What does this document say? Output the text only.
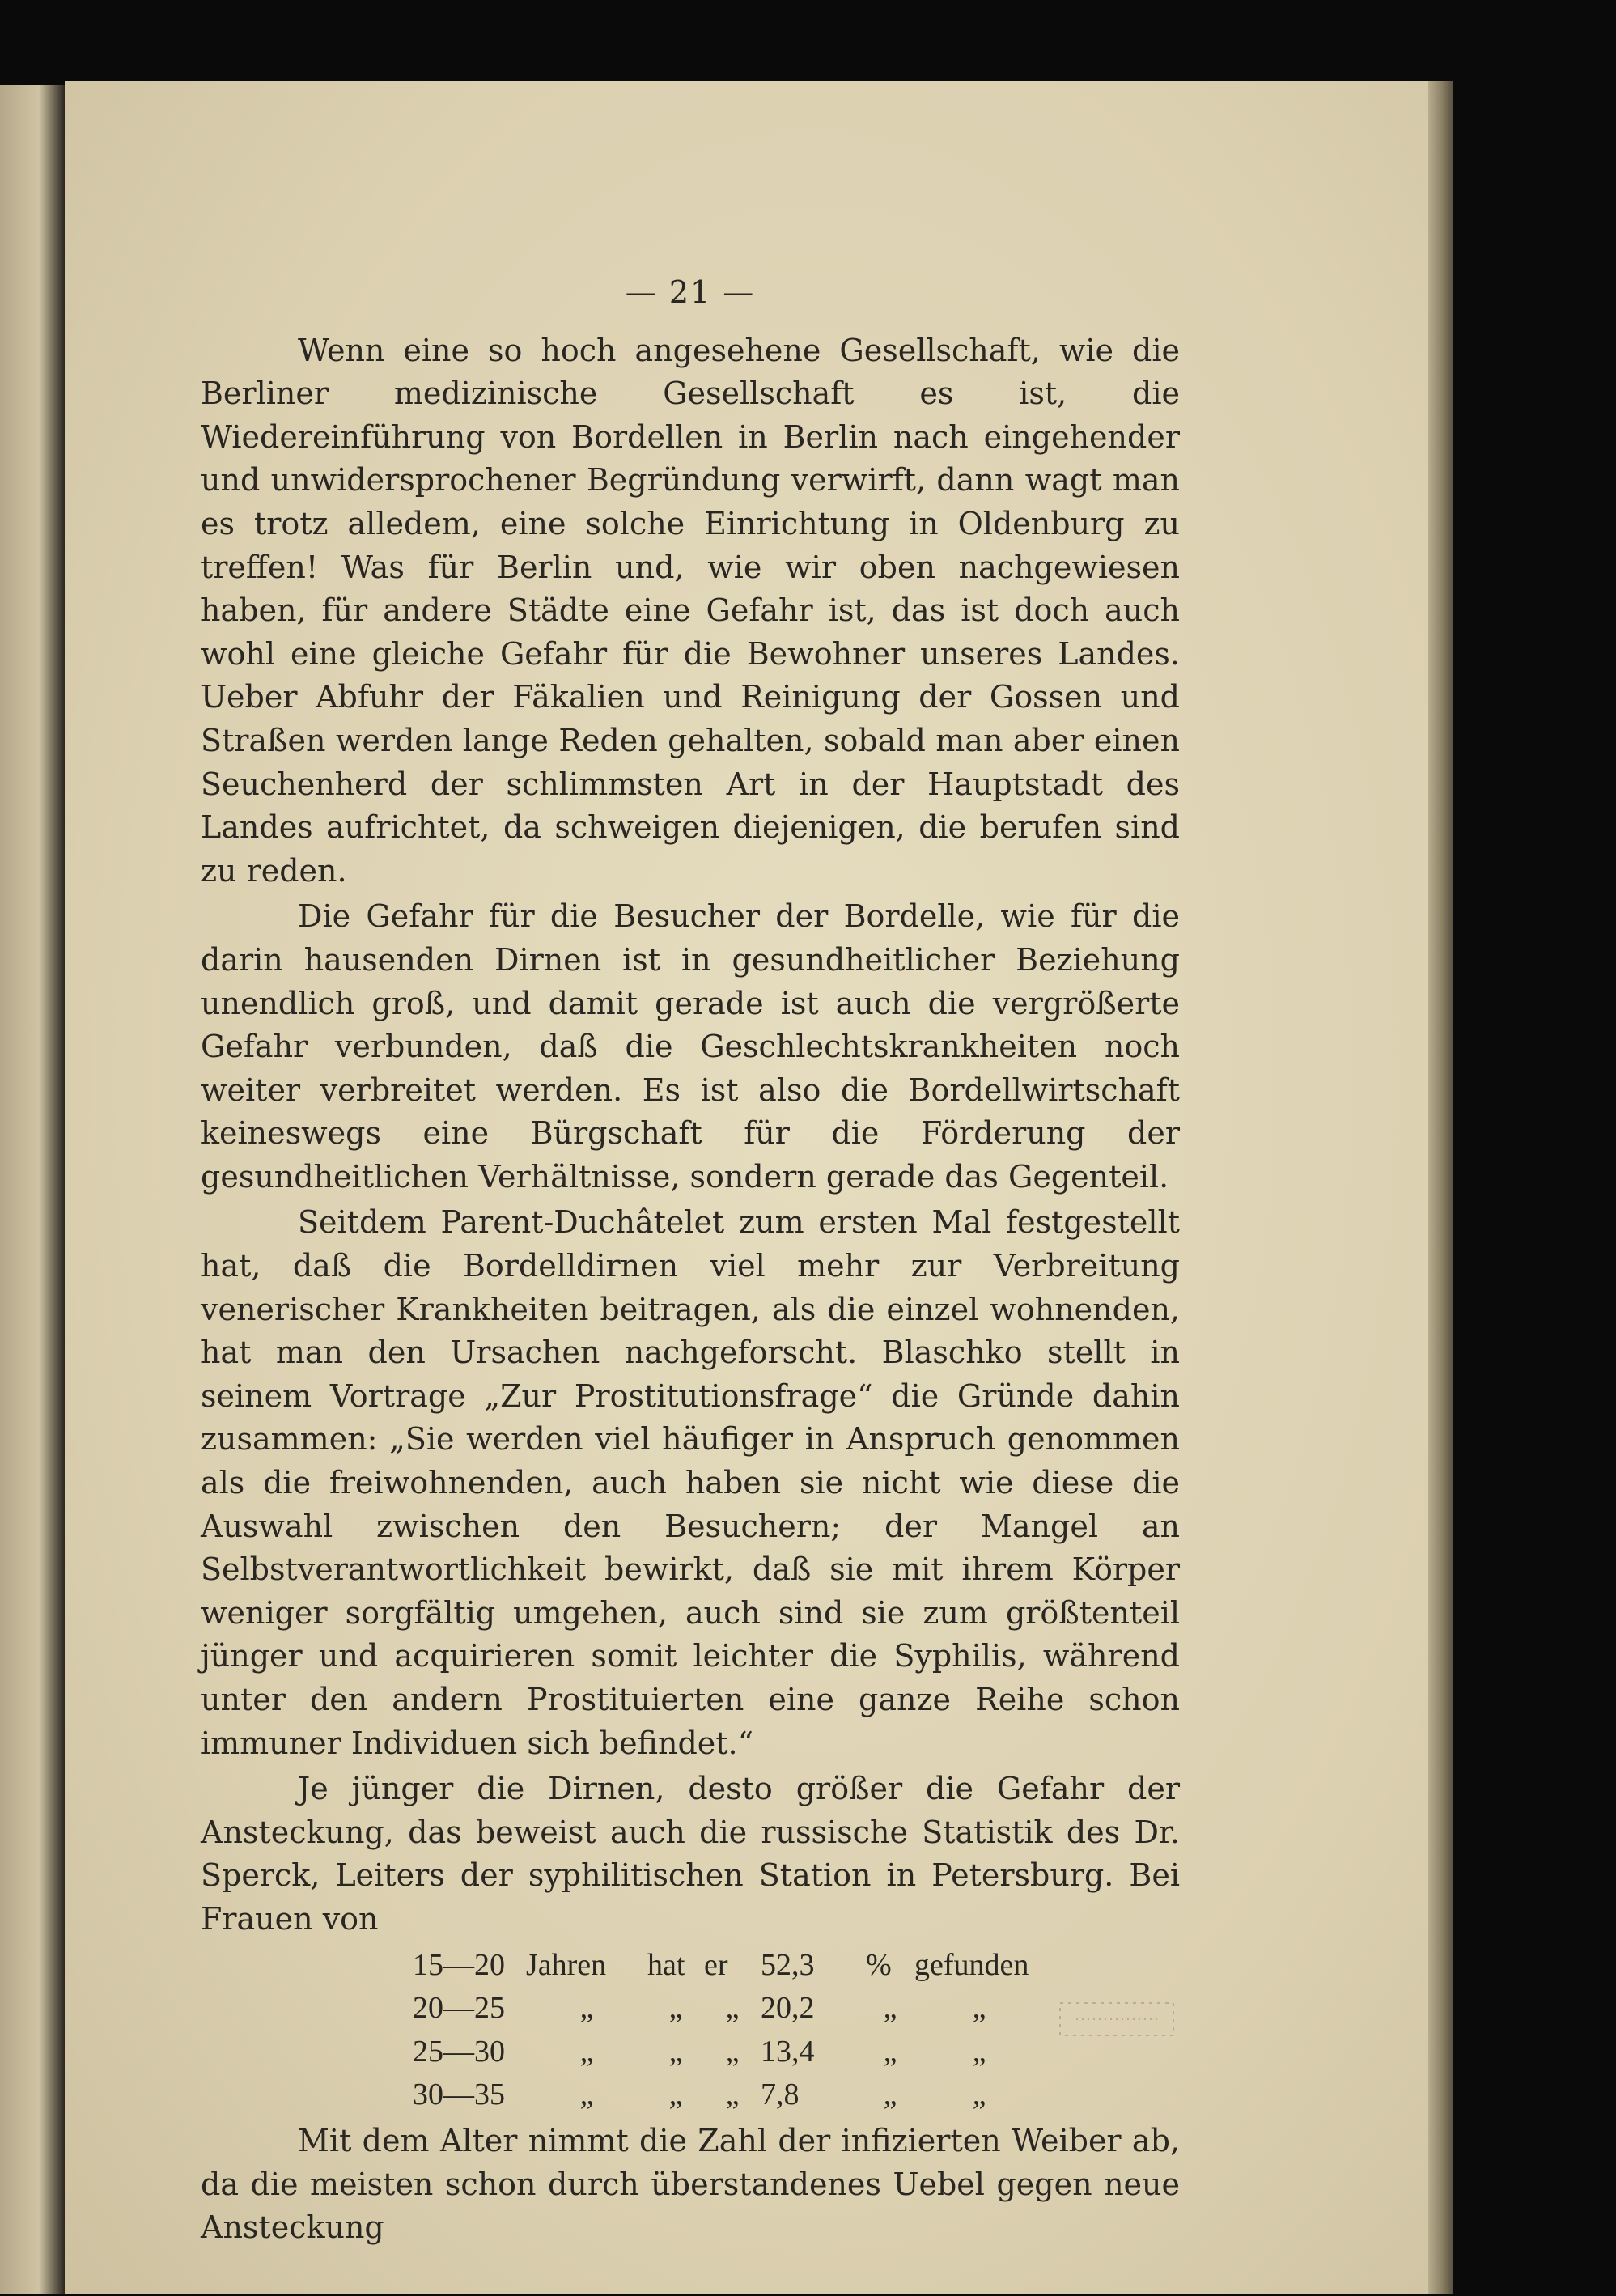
— 21 —

Wenn eine so hoch angesehene Gesellschaft, wie die Berliner medizinische Gesellschaft es ist, die Wiedereinführung von Bordellen in Berlin nach eingehender und unwidersprochener Begründung verwirft, dann wagt man es trotz alledem, eine solche Einrichtung in Oldenburg zu treffen! Was für Berlin und, wie wir oben nachgewiesen haben, für andere Städte eine Gefahr ist, das ist doch auch wohl eine gleiche Gefahr für die Bewohner unseres Landes. Ueber Abfuhr der Fäkalien und Reinigung der Gossen und Straßen werden lange Reden gehalten, sobald man aber einen Seuchenherd der schlimmsten Art in der Hauptstadt des Landes aufrichtet, da schweigen diejenigen, die berufen sind zu reden.

Die Gefahr für die Besucher der Bordelle, wie für die darin hausenden Dirnen ist in gesundheitlicher Beziehung unendlich groß, und damit gerade ist auch die vergrößerte Gefahr verbunden, daß die Geschlechtskrankheiten noch weiter verbreitet werden. Es ist also die Bordellwirtschaft keineswegs eine Bürgschaft für die Förderung der gesundheitlichen Verhältnisse, sondern gerade das Gegenteil.

Seitdem Parent-Duchâtelet zum ersten Mal festgestellt hat, daß die Bordelldirnen viel mehr zur Verbreitung venerischer Krankheiten beitragen, als die einzel wohnenden, hat man den Ursachen nachgeforscht. Blaschko stellt in seinem Vortrage „Zur Prostitutionsfrage“ die Gründe dahin zusammen: „Sie werden viel häufiger in Anspruch genommen als die freiwohnenden, auch haben sie nicht wie diese die Auswahl zwischen den Besuchern; der Mangel an Selbstverantwortlichkeit bewirkt, daß sie mit ihrem Körper weniger sorgfältig umgehen, auch sind sie zum größtenteil jünger und acquirieren somit leichter die Syphilis, während unter den andern Prostituierten eine ganze Reihe schon immuner Individuen sich befindet.“

Je jünger die Dirnen, desto größer die Gefahr der Ansteckung, das beweist auch die russische Statistik des Dr. Sperck, Leiters der syphilitischen Station in Petersburg. Bei Frauen von

15—20 Jahren	hat er	52,3	% gefunden
20—25	„	„	„ 20,2	„	„
25—30	„	„	„ 13,4	„	„
30—35	„	„	„ 7,8	„	„

Mit dem Alter nimmt die Zahl der infizierten Weiber ab, da die meisten schon durch überstandenes Uebel gegen neue Ansteckung
